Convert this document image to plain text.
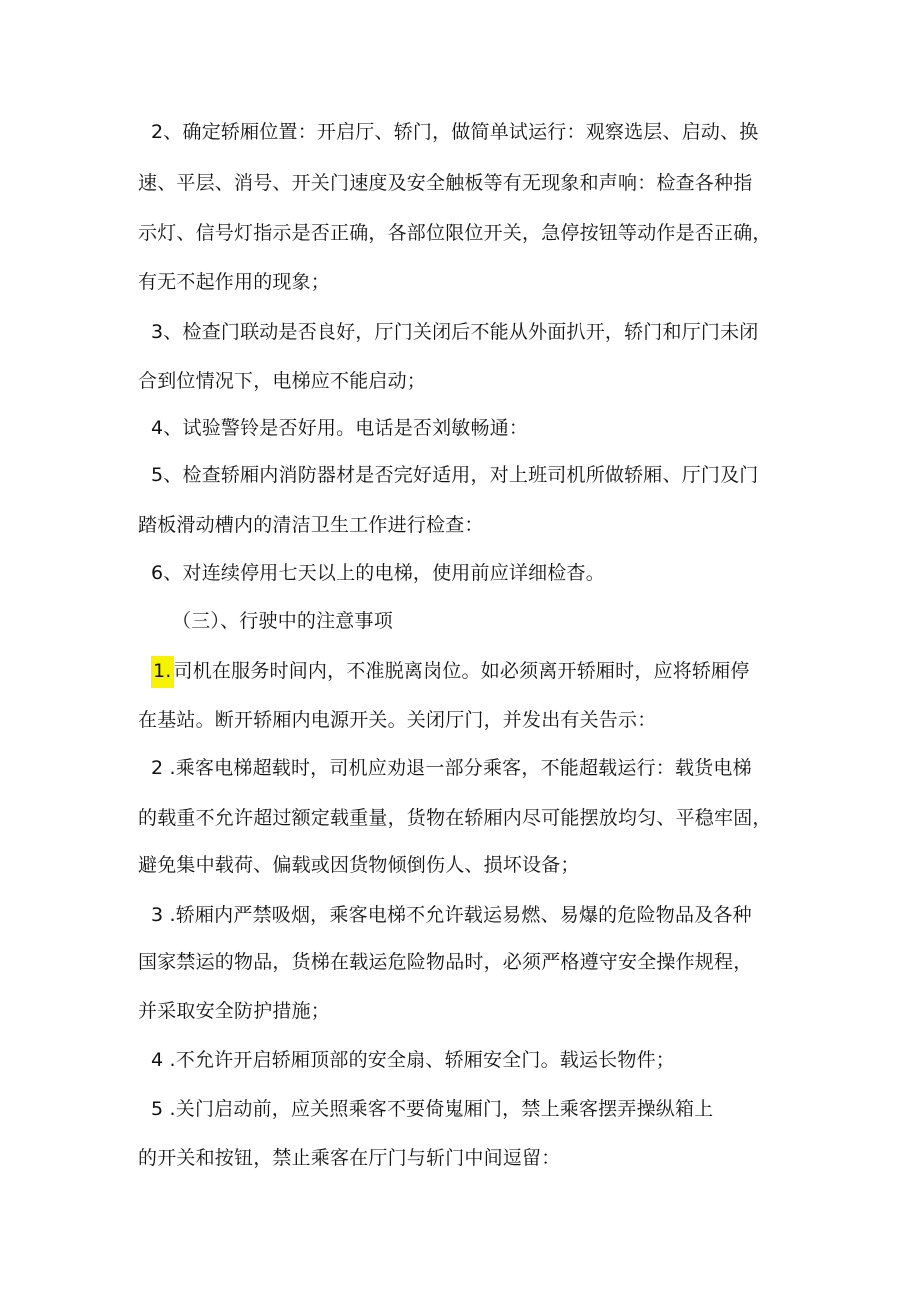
2、确定轿厢位置：开启厅、轿门，做简单试运行：观察选层、启动、换
速、平层、消号、开关门速度及安全触板等有无现象和声响：检查各种指
示灯、信号灯指示是否正确，各部位限位开关，急停按钮等动作是否正确，
有无不起作用的现象；
3、检查门联动是否良好，厅门关闭后不能从外面扒开，轿门和厅门未闭
合到位情况下，电梯应不能启动；
4、试验警铃是否好用。电话是否刘敏畅通：
5、检查轿厢内消防器材是否完好适用，对上班司机所做轿厢、厅门及门
踏板滑动槽内的清洁卫生工作进行检查：
6、对连续停用七天以上的电梯，使用前应详细检杳。
（三）、行驶中的注意事项
1. 司机在服务时间内，不准脱离岗位。如必须离开轿厢时，应将轿厢停
在基站。断开轿厢内电源开关。关闭厅门，并发出有关告示：
2 .乘客电梯超载时，司机应劝退一部分乘客，不能超载运行：载货电梯
的载重不允许超过额定载重量，货物在轿厢内尽可能摆放均匀、平稳牢固，
避免集中载荷、偏载或因货物倾倒伤人、损坏设备；
3 .轿厢内严禁吸烟，乘客电梯不允许载运易燃、易爆的危险物品及各种
国家禁运的物品，货梯在载运危险物品时，必须严格遵守安全操作规程，
并采取安全防护措施；
4 .不允许开启轿厢顶部的安全扇、轿厢安全门。载运长物件；
5 .关门启动前，应关照乘客不要倚嵬厢门，禁上乘客摆弄操纵箱上
的开关和按钮，禁止乘客在厅门与斩门中间逗留：
